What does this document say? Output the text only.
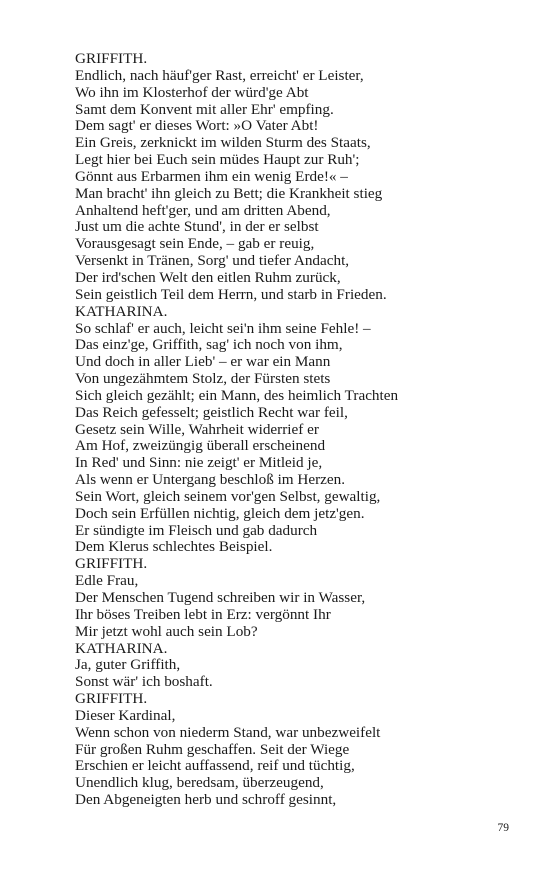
GRIFFITH.
Endlich, nach häuf'ger Rast, erreicht' er Leister,
Wo ihn im Klosterhof der würd'ge Abt
Samt dem Konvent mit aller Ehr' empfing.
Dem sagt' er dieses Wort: »O Vater Abt!
Ein Greis, zerknickt im wilden Sturm des Staats,
Legt hier bei Euch sein müdes Haupt zur Ruh';
Gönnt aus Erbarmen ihm ein wenig Erde!« –
Man bracht' ihn gleich zu Bett; die Krankheit stieg
Anhaltend heft'ger, und am dritten Abend,
Just um die achte Stund', in der er selbst
Vorausgesagt sein Ende, – gab er reuig,
Versenkt in Tränen, Sorg' und tiefer Andacht,
Der ird'schen Welt den eitlen Ruhm zurück,
Sein geistlich Teil dem Herrn, und starb in Frieden.
KATHARINA.
So schlaf' er auch, leicht sei'n ihm seine Fehle! –
Das einz'ge, Griffith, sag' ich noch von ihm,
Und doch in aller Lieb' – er war ein Mann
Von ungezähmtem Stolz, der Fürsten stets
Sich gleich gezählt; ein Mann, des heimlich Trachten
Das Reich gefesselt; geistlich Recht war feil,
Gesetz sein Wille, Wahrheit widerrief er
Am Hof, zweizüngig überall erscheinend
In Red' und Sinn: nie zeigt' er Mitleid je,
Als wenn er Untergang beschloß im Herzen.
Sein Wort, gleich seinem vor'gen Selbst, gewaltig,
Doch sein Erfüllen nichtig, gleich dem jetz'gen.
Er sündigte im Fleisch und gab dadurch
Dem Klerus schlechtes Beispiel.
GRIFFITH.
Edle Frau,
Der Menschen Tugend schreiben wir in Wasser,
Ihr böses Treiben lebt in Erz: vergönnt Ihr
Mir jetzt wohl auch sein Lob?
KATHARINA.
Ja, guter Griffith,
Sonst wär' ich boshaft.
GRIFFITH.
Dieser Kardinal,
Wenn schon von niederm Stand, war unbezweifelt
Für großen Ruhm geschaffen. Seit der Wiege
Erschien er leicht auffassend, reif und tüchtig,
Unendlich klug, beredsam, überzeugend,
Den Abgeneigten herb und schroff gesinnt,
79
